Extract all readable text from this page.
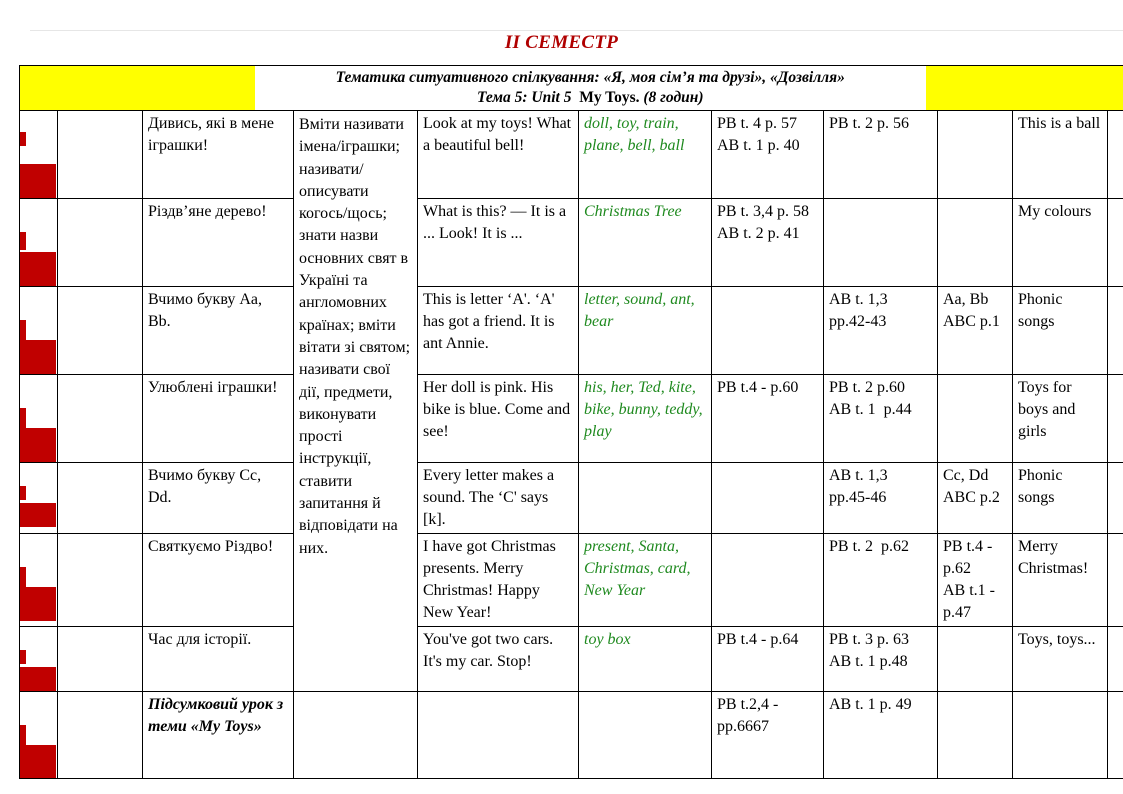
ІІ СЕМЕСТР
Тематика ситуативного спілкування: «Я, моя сім’я та друзі», «Дозвілля»
Тема 5: Unit 5 My Toys. (8 годин)										

		Дивись, які в мене іграшки!	Вміти називати імена/іграшки; називати/описувати когось/щось; знати назви основних свят в Україні та англомовних країнах; вміти вітати зі святом; називати свої дії, предмети, виконувати прості інструкції, ставити запитання й відповідати на них.	Look at my toys! What a beautiful bell!	doll, toy, train, plane, bell, ball	PB t. 4 p. 57
AB t. 1 p. 40	PB t. 2 p. 56		This is a ball	

		Різдв’яне дерево!		What is this? — It is a ... Look! It is ...	Christmas Tree	PB t. 3,4 p. 58
AB t. 2 p. 41			My colours	

		Вчимо букву Aa, Bb.		This is letter ‘A'. ‘A' has got a friend. It is ant Annie.	letter, sound, ant, bear		AB t. 1,3 pp.42-43	Aa, Bb ABC p.1	Phonic songs	

		Улюблені іграшки!		Her doll is pink. His bike is blue. Come and see!	his, her, Ted, kite, bike, bunny, teddy, play	PB t.4 - p.60	PB t. 2 p.60
AB t. 1  p.44		Toys for boys and girls	

		Вчимо букву Cc, Dd.		Every letter makes a sound. The ‘C' says [k].			AB t. 1,3 pp.45-46	Cc, Dd ABC p.2	Phonic songs	

		Святкуємо Різдво!		I have got Christmas presents. Merry Christmas! Happy New Year!	present, Santa, Christmas, card,
New Year		PB t. 2  p.62	PB t.4 - p.62
AB t.1 - p.47	Merry Christmas!	

		Час для історії.		You've got two cars. It's my car. Stop!	toy box	PB t.4 - p.64	PB t. 3 p. 63
AB t. 1 p.48		Toys, toys...	

		Підсумковий урок з теми «My Toys»				PB t.2,4 - pp.6667	AB t. 1 p. 49			
